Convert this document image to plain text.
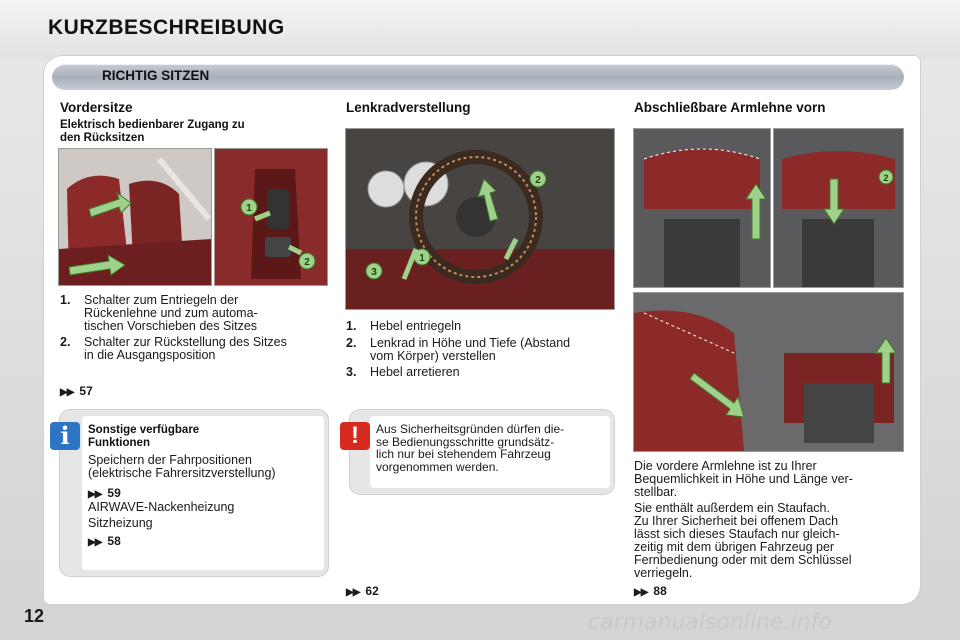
KURZBESCHREIBUNG
RICHTIG SITZEN
Vordersitze
Elektrisch bedienbarer Zugang zu
den Rücksitzen
1
2
1. Schalter zum Entriegeln der
Rückenlehne und zum automa-
tischen Vorschieben des Sitzes
2. Schalter zur Rückstellung des Sitzes
in die Ausgangsposition
▶▶ 57
i	Sonstige verfügbare
Funktionen
Speichern der Fahrpositionen
(elektrische Fahrersitzverstellung)
▶▶ 59
AIRWAVE-Nackenheizung
Sitzheizung
▶▶ 58
Lenkradverstellung
2
1
3
1. Hebel entriegeln
2. Lenkrad in Höhe und Tiefe (Abstand
vom Körper) verstellen
3. Hebel arretieren
!	Aus Sicherheitsgründen dürfen die-
se Bedienungsschritte grundsätz-
lich nur bei stehendem Fahrzeug
vorgenommen werden.
▶▶ 62
Abschließbare Armlehne vorn
2
Die vordere Armlehne ist zu Ihrer
Bequemlichkeit in Höhe und Länge ver-
stellbar.
Sie enthält außerdem ein Staufach.
Zu Ihrer Sicherheit bei offenem Dach
lässt sich dieses Staufach nur gleich-
zeitig mit dem übrigen Fahrzeug per
Fernbedienung oder mit dem Schlüssel
verriegeln.
▶▶ 88
12	carmanualsonline.info
